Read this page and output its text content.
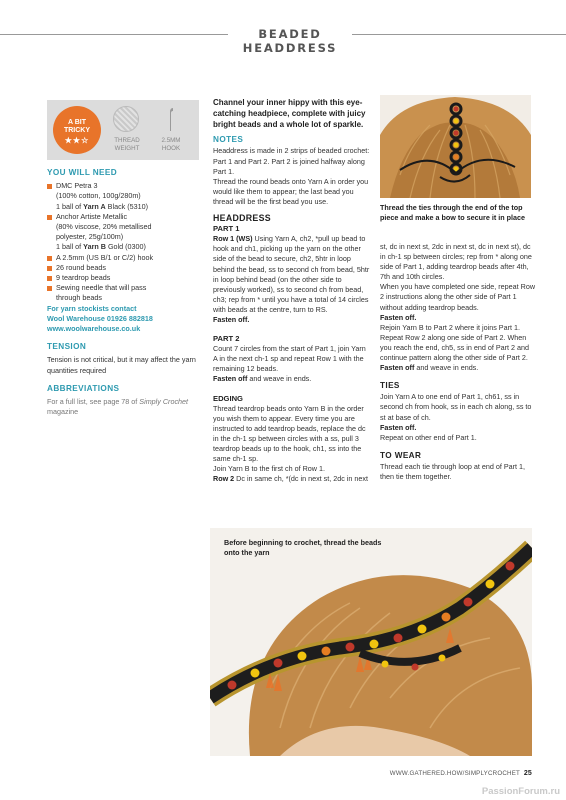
BEADED HEADDRESS
A BIT
TRICKY
★★☆	THREAD
WEIGHT
2.5MM
HOOK
YOU WILL NEED
DMC Petra 3
(100% cotton, 100g/280m)
1 ball of Yarn A Black (5310)
Anchor Artiste Metallic
(80% viscose, 20% metallised
polyester, 25g/100m)
1 ball of Yarn B Gold (0300)
A 2.5mm (US B/1 or C/2) hook
26 round beads
9 teardrop beads
Sewing needle that will pass
through beads
For yarn stockists contact
Wool Warehouse 01926 882818
www.woolwarehouse.co.uk
TENSION
Tension is not critical, but it may affect the yarn quantities required
ABBREVIATIONS
For a full list, see page 78 of Simply Crochet magazine
Channel your inner hippy with this eye-catching headpiece, complete with juicy bright beads and a whole lot of sparkle.
NOTES
Headdress is made in 2 strips of beaded crochet: Part 1 and Part 2. Part 2 is joined halfway along Part 1.
Thread the round beads onto Yarn A in order you would like them to appear; the last bead you thread will be the first bead you use.
HEADDRESS
PART 1
Row 1 (WS) Using Yarn A, ch2, *pull up bead to hook and ch1, picking up the yarn on the other side of the bead to secure, ch2, 5htr in loop behind the bead, ss to second ch from bead, 5htr in loop behind bead (on the other side to previously worked), ss to second ch from bead, ch3; rep from * until you have a total of 14 circles with beads at the centre, turn to RS.
Fasten off.
PART 2
Count 7 circles from the start of Part 1, join Yarn A in the next ch-1 sp and repeat Row 1 with the remaining 12 beads.
Fasten off and weave in ends.
EDGING
Thread teardrop beads onto Yarn B in the order you wish them to appear. Every time you are instructed to add teardrop beads, replace the dc in the ch-1 sp between circles with a ss, pull 3 teardrop beads up to the hook, ch1, ss into the same ch-1 sp.
Join Yarn B to the first ch of Row 1.
Row 2 Dc in same ch, *(dc in next st, 2dc in next
Thread the ties through the end of the top piece and make a bow to secure it in place
st, dc in next st, 2dc in next st, dc in next st), dc in ch-1 sp between circles; rep from * along one side of Part 1, adding teardrop beads after 4th, 7th and 10th circles.
When you have completed one side, repeat Row 2 instructions along the other side of Part 1 without adding teardrop beads.
Fasten off.
Rejoin Yarn B to Part 2 where it joins Part 1. Repeat Row 2 along one side of Part 2. When you reach the end, ch5, ss in end of Part 2 and continue pattern along the other side of Part 2.
Fasten off and weave in ends.
TIES
Join Yarn A to one end of Part 1, ch61, ss in second ch from hook, ss in each ch along, ss to st at base of ch.
Fasten off.
Repeat on other end of Part 1.
TO WEAR
Thread each tie through loop at end of Part 1, then tie them together.
Before beginning to crochet, thread the beads onto the yarn
WWW.GATHERED.HOW/SIMPLYCROCHET 25
PassionForum.ru
